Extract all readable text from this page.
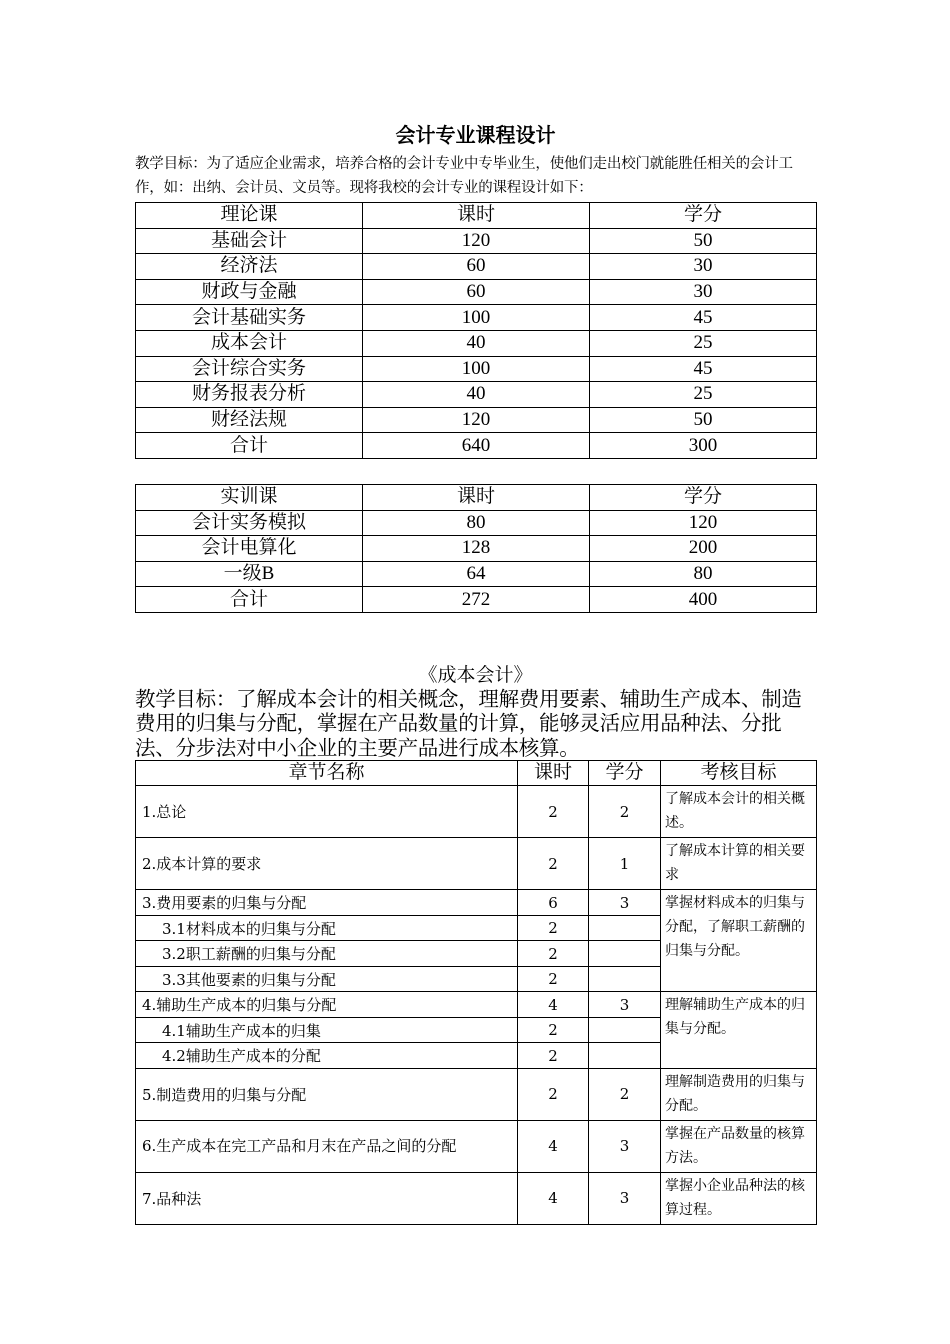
会计专业课程设计
教学目标：为了适应企业需求，培养合格的会计专业中专毕业生，使他们走出校门就能胜任相关的会计工作，如：出纳、会计员、文员等。现将我校的会计专业的课程设计如下：
理论课	课时	学分
基础会计	120	50
经济法	60	30
财政与金融	60	30
会计基础实务	100	45
成本会计	40	25
会计综合实务	100	45
财务报表分析	40	25
财经法规	120	50
合计	640	300
实训课	课时	学分
会计实务模拟	80	120
会计电算化	128	200
一级B	64	80
合计	272	400
《成本会计》
教学目标：了解成本会计的相关概念，理解费用要素、辅助生产成本、制造费用的归集与分配，掌握在产品数量的计算，能够灵活应用品种法、分批法、分步法对中小企业的主要产品进行成本核算。
章节名称	课时	学分	考核目标
1.总论	2	2	了解成本会计的相关概述。
2.成本计算的要求	2	1	了解成本计算的相关要求
3.费用要素的归集与分配	6	3	掌握材料成本的归集与分配，了解职工薪酬的归集与分配。
3.1材料成本的归集与分配	2		
3.2职工薪酬的归集与分配	2		
3.3其他要素的归集与分配	2		
4.辅助生产成本的归集与分配	4	3	理解辅助生产成本的归集与分配。
4.1辅助生产成本的归集	2		
4.2辅助生产成本的分配	2		
5.制造费用的归集与分配	2	2	理解制造费用的归集与分配。
6.生产成本在完工产品和月末在产品之间的分配	4	3	掌握在产品数量的核算方法。
7.品种法	4	3	掌握小企业品种法的核算过程。
